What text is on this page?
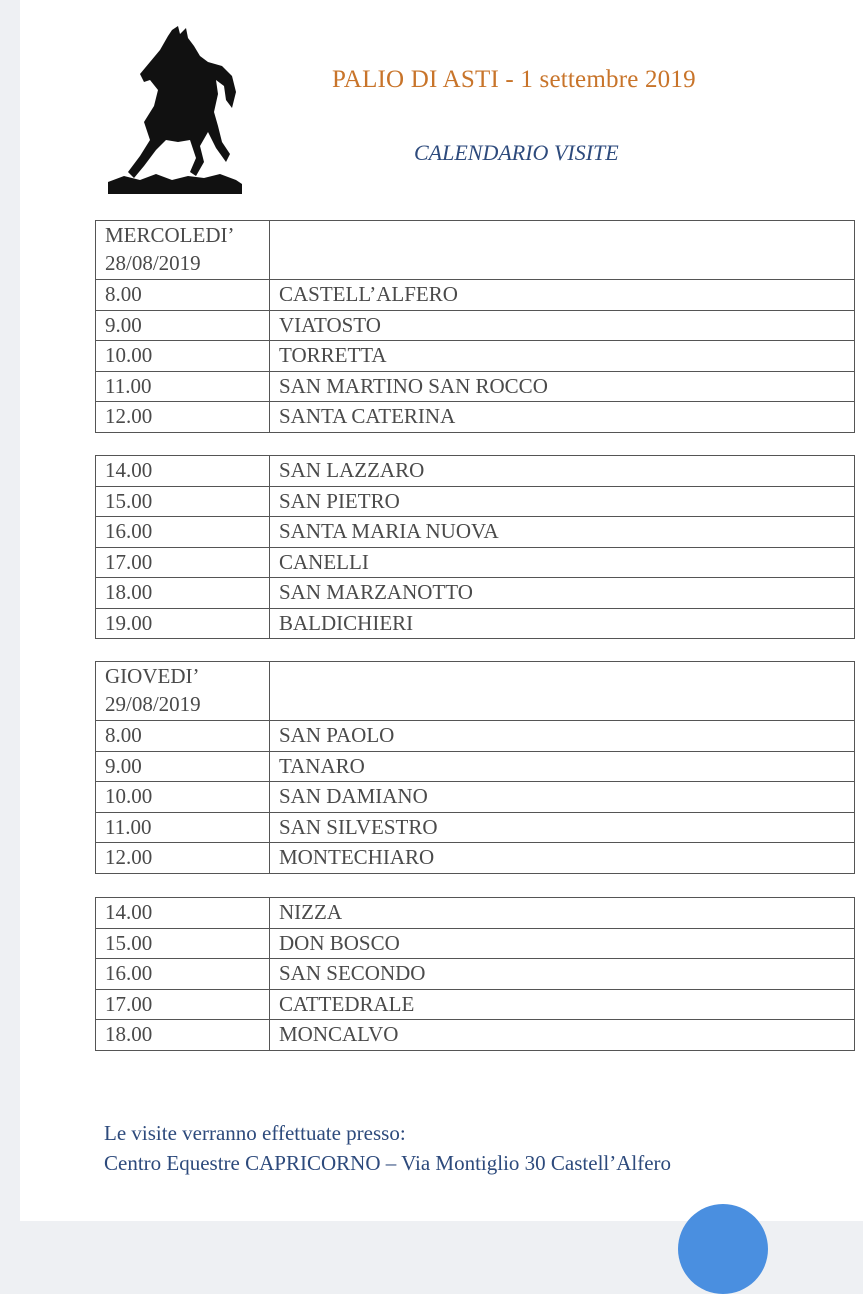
PALIO DI ASTI - 1 settembre 2019
CALENDARIO VISITE
MERCOLEDI’ 28/08/2019	
8.00	CASTELL’ALFERO
9.00	VIATOSTO
10.00	TORRETTA
11.00	SAN MARTINO SAN ROCCO
12.00	SANTA CATERINA
14.00	SAN LAZZARO
15.00	SAN PIETRO
16.00	SANTA MARIA NUOVA
17.00	CANELLI
18.00	SAN MARZANOTTO
19.00	BALDICHIERI
GIOVEDI’ 29/08/2019	
8.00	SAN PAOLO
9.00	TANARO
10.00	SAN DAMIANO
11.00	SAN SILVESTRO
12.00	MONTECHIARO
14.00	NIZZA
15.00	DON BOSCO
16.00	SAN SECONDO
17.00	CATTEDRALE
18.00	MONCALVO
Le visite verranno effettuate presso:
Centro Equestre CAPRICORNO – Via Montiglio 30 Castell’Alfero
